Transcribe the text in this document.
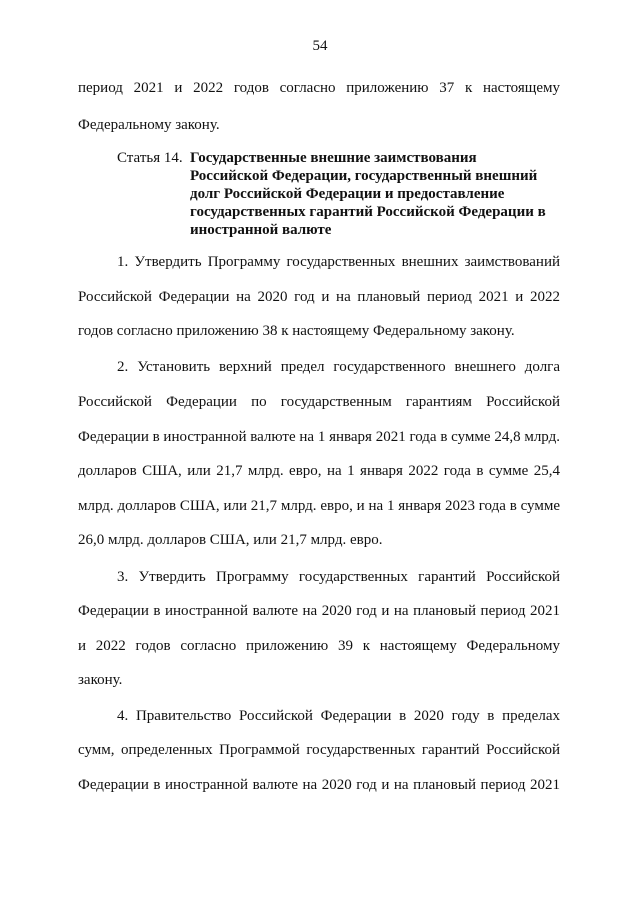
54
период 2021 и 2022 годов согласно приложению 37 к настоящему
Федеральному закону.
Статья 14. Государственные внешние заимствования
Российской Федерации, государственный внешний
долг Российской Федерации и предоставление
государственных гарантий Российской Федерации в
иностранной валюте
1. Утвердить Программу государственных внешних заимствований
Российской Федерации на 2020 год и на плановый период 2021 и 2022
годов согласно приложению 38 к настоящему Федеральному закону.
2. Установить верхний предел государственного внешнего долга
Российской Федерации по государственным гарантиям Российской
Федерации в иностранной валюте на 1 января 2021 года в сумме 24,8 млрд.
долларов США, или 21,7 млрд. евро, на 1 января 2022 года в сумме 25,4
млрд. долларов США, или 21,7 млрд. евро, и на 1 января 2023 года в сумме
26,0 млрд. долларов США, или 21,7 млрд. евро.
3. Утвердить Программу государственных гарантий Российской
Федерации в иностранной валюте на 2020 год и на плановый период 2021
и 2022 годов согласно приложению 39 к настоящему Федеральному
закону.
4. Правительство Российской Федерации в 2020 году в пределах
сумм, определенных Программой государственных гарантий Российской
Федерации в иностранной валюте на 2020 год и на плановый период 2021
